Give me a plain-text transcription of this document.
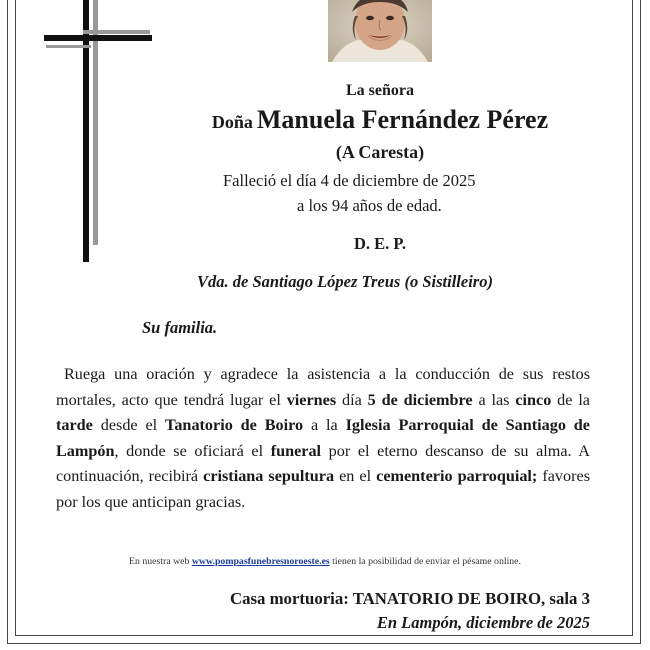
La señora
Doña Manuela Fernández Pérez
(A Caresta)
Falleció el día 4 de diciembre de 2025
a los 94 años de edad.
D. E. P.
Vda. de Santiago López Treus (o Sistilleiro)
Su familia.
Ruega una oración y agradece la asistencia a la conducción de sus restos mortales, acto que tendrá lugar el viernes día 5 de diciembre a las cinco de la tarde desde el Tanatorio de Boiro a la Iglesia Parroquial de Santiago de Lampón, donde se oficiará el funeral por el eterno descanso de su alma. A continuación, recibirá cristiana sepultura en el cementerio parroquial; favores por los que anticipan gracias.
En nuestra web www.pompasfunebresnoroeste.es tienen la posibilidad de enviar el pésame online.
Casa mortuoria: TANATORIO DE BOIRO, sala 3
En Lampón, diciembre de 2025
